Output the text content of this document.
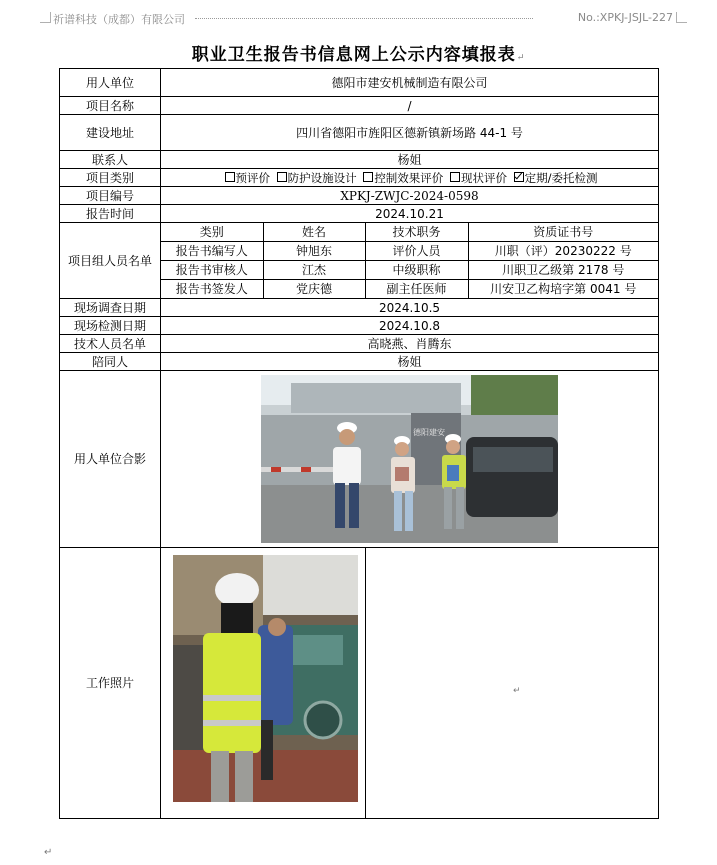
祈谱科技（成都）有限公司	No.:XPKJ-JSJL-227
职业卫生报告书信息网上公示内容填报表↵
用人单位	德阳市建安机械制造有限公司
项目名称	/
建设地址	四川省德阳市旌阳区德新镇新场路 44-1 号
联系人	杨姐
项目类别	预评价 防护设施设计 控制效果评价 现状评价 定期/委托检测
项目编号	XPKJ-ZWJC-2024-0598
报告时间	2024.10.21
项目组人员名单	
类别	姓名	技术职务	资质证书号
报告书编写人	钟旭东	评价人员	川职（评）20230222 号
报告书审核人	江杰	中级职称	川职卫乙级第 2178 号
报告书签发人	党庆德	副主任医师	川安卫乙构培字第 0041 号

现场调查日期	2024.10.5
现场检测日期	2024.10.8
技术人员名单	高晓燕、肖腾东
陪同人	杨姐
用人单位合影	
德阳建安

工作照片	
↵
↵
